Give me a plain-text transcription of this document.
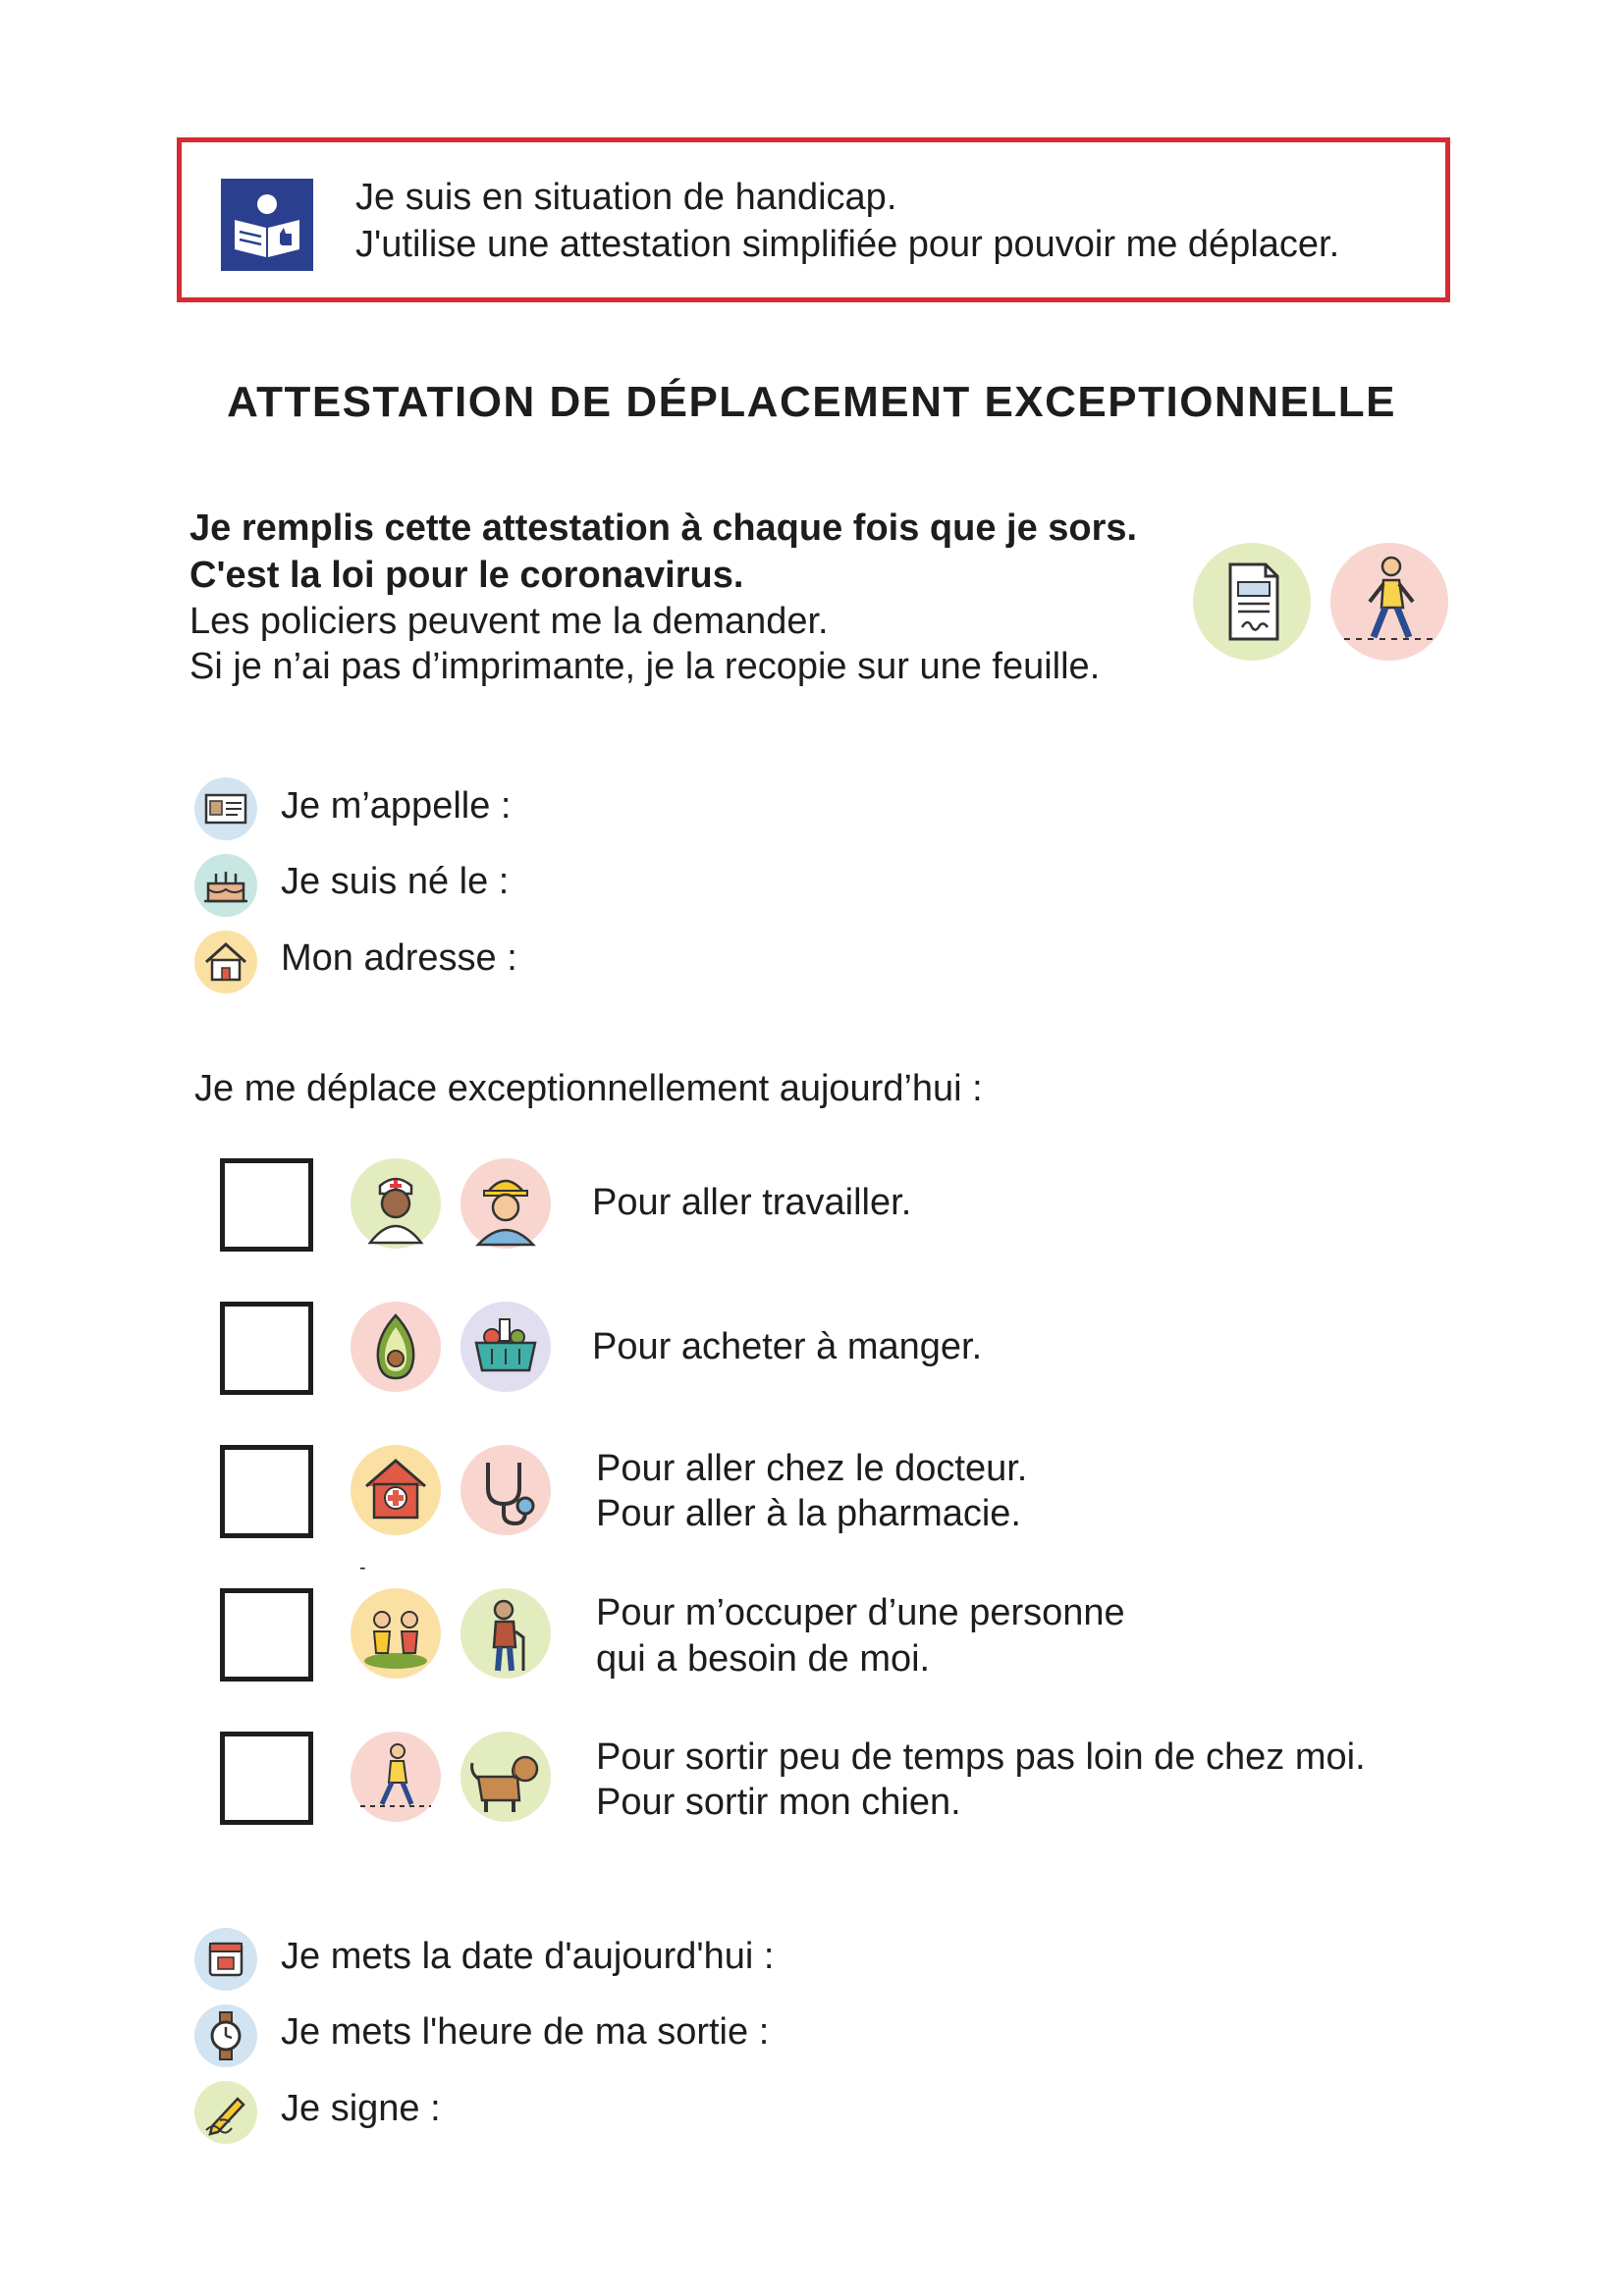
Je suis en situation de handicap.
J'utilise une attestation simplifiée pour pouvoir me déplacer.
ATTESTATION DE DÉPLACEMENT EXCEPTIONNELLE
Je remplis cette attestation à chaque fois que je sors.
C'est la loi pour le coronavirus.
Les policiers peuvent me la demander.
Si je n’ai pas d’imprimante, je la recopie sur une feuille.
Je m’appelle :
Je suis né le :
Mon adresse :
Je me déplace exceptionnellement aujourd’hui :
Pour aller travailler.
Pour acheter à manger.
Pour aller chez le docteur.
Pour aller à la pharmacie.
-
Pour m’occuper d’une personne
qui a besoin de moi.
Pour sortir peu de temps pas loin de chez moi.
Pour sortir mon chien.
Je mets la date d'aujourd'hui :
Je mets l'heure de ma sortie :
Je signe :
